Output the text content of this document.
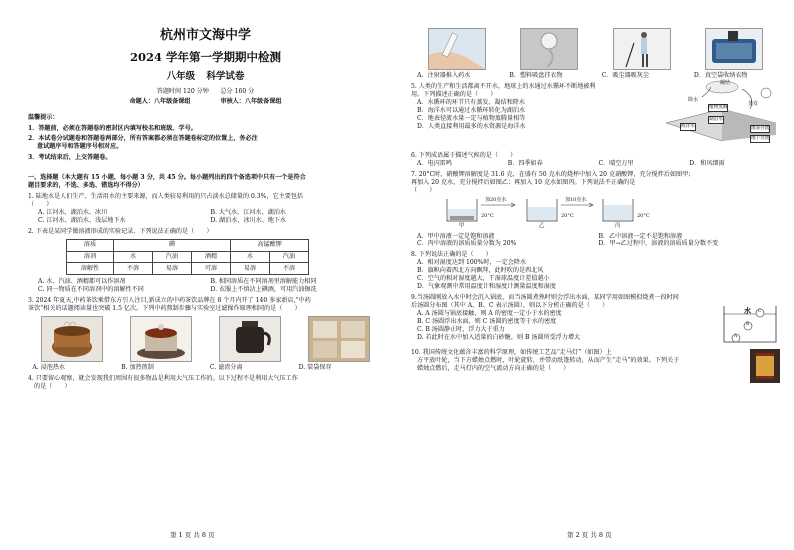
杭州市文海中学
2024 学年第一学期期中检测
八年级 科学试卷
答题时间 120 分钟 总分 160 分
命题人：八年级备课组	审核人：八年级备课组

温馨提示：

1．答题前，必须在答题卷的密封区内填写校名和班级、学号。

2．本试卷分试题卷和答题卷两部分，所有答案都必须在答题卷标定的位置上，务必注

意试题序号和答题序号相对应。

3．考试结束后，上交答题卷。

一、选择题（本大题有 15 小题，每小题 3 分，共 45 分。每小题列出的四个备选项中只有一个是符合

题目要求的，不选、多选、错选均不得分）

1. 陆地水是人们生产、生活用水的主要来源，而人类较易利用的只占淡水总储量的 0.3%，它主要包括

（　　）

A. 江河水、湖泊水、冰川	B. 大气水、江河水、湖泊水
C. 江河水、湖泊水、浅层地下水	D. 湖泊水、冰川水、地下水

2. 下表是某同学做溶液形成的实验记录，下列说法正确的是（　　）

溶质	碘			高锰酸钾	
溶剂	水	汽油	酒精	水	汽油
溶解性	不溶	易溶	可溶	易溶	不溶
A. 水、汽油、酒精都可以作溶剂	B. 相同溶质在不同溶剂里溶解能力相同
C. 同一物质在不同溶剂中的溶解性不同	D. 衣服上不慎沾上碘酒，可用汽油擦洗

3. 2024 年夏天,中药茶饮乘借东方引人注目,新成立的中药茶饮品牌在 8 个月内开了 140 多家新店,“中药

茶饮”相关的话题阅读量也突破 1.5 亿次。下列中药熬制步骤与实验室过滤操作原理相同的是（　　）

A. 浸泡热水	B. 加热煎制	C. 滤渣分离	D. 装袋保存

4. 只要留心观察，就会发现我们周围有很多物品是利用大气压工作的。以下过程不是利用大气压工作

的是（　　）

第 1 页 共 8 页
A．注射器推入药水	B．塑料吸盘挂衣物	C．吸尘器吸灰尘	D．真空袋收纳衣物

5. 人类的生产和生活都离不开水，地球上的水通过水循环不断地被利

用。下列描述正确的是（　　）

A．水循环的环节只有蒸发、凝结和降水

B．海洋水可以通过水循环转化为湖泊水

C．地表径流水量一定与植物蒸腾量相等

D．人类直接利用最多的水资源是海洋水

凝结
降水
蒸发
植物蒸腾
湖泊水
地表径流
海洋水
地下径流

6. 下列成语属于描述气候的是（　　）

A．电闪雷鸣	B．四季如春	C．晴空万里	D．和风细雨

7. 20°C时，硝酸钾溶解度是 31.6 克，在盛有 50 克水的烧杯中加入 20 克硝酸钾，充分搅拌后如图甲；

再加入 20 克水，充分搅拌后如图乙；再加入 10 克水如图丙。下列说法不正确的是

（　　）

加20克水	加10克水
20°C	20°C	20°C
甲	乙	丙
A．甲中溶液一定是饱和溶液	B．乙中溶液一定不是饱和溶液
C．丙中溶液的溶质质量分数为 20%	D．甲→乙过程中，溶液的溶质质量分数不变

8. 下列说法正确的是（　　）

A．相对湿度达到 100%时，一定会降水

B．旗帜向着西北方向飘拜，此时吹的是西北风

C．空气的相对湿度越大，干湿球温度计差值越小

D．气象观测中常用温度计和湿度计测量温度和湿度

9.当汤圆刚放入水中时会沉入锅底，而当汤圆煮熟时则会浮出水面，某同学用如图模拟烧煮一段时间

后汤圆分布图（其中 A、B、C 表示汤圆），则以下分析正确的是（　　）

A. A 汤圆与锅底接触，则 A 的密度一定小于水的密度

B. C 汤圆浮出水面，则 C 汤圆的密度等于水的密度

C. B 汤圆静止时，浮力大于重力

D. 若此时在水中加入适量的白砂糖，则 B 汤圆所受浮力增大

水 C
B
A

10. 我国传统文化蕴含丰富的科学原理，如传统工艺品“走马灯”（如图）上

方平放叶轮，当下方蜡烛点燃时，叶轮旋转，并带动纸篷转动，从而产生“走马”的效果。下列关于

蜡烛点燃后，走马灯内的空气流动方向正确的是（　　）

第 2 页 共 8 页
